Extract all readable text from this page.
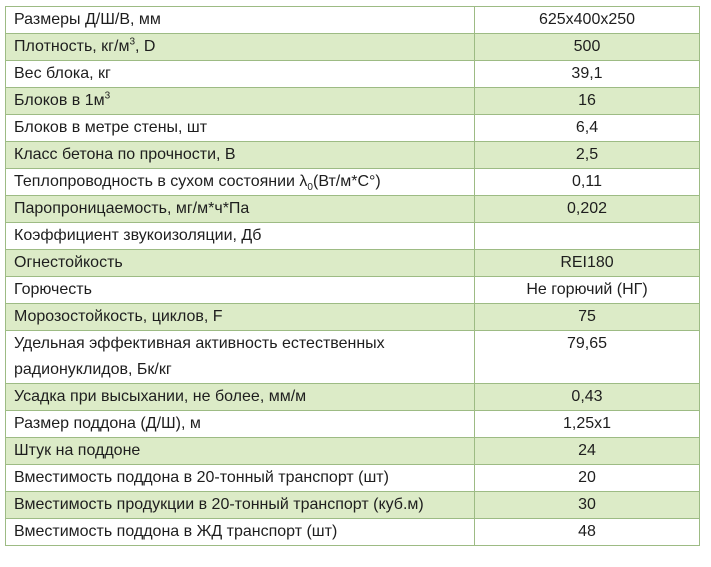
Размеры Д/Ш/В, мм	625x400x250
Плотность, $кг/м^3$, D	500
Вес блока, кг	39,1
Блоков в $1м^3$	16
Блоков в метре стены, шт	6,4
Класс бетона по прочности, В	2,5
Теплопроводность в сухом состоянии $\lambda_0(Вт/м*С^\circ)$	0,11
Паропроницаемость, мг/м*ч*Па	0,202
Коэффициент звукоизоляции, Дб	
Огнестойкость	REI180
Горючесть	Не горючий (НГ)
Морозостойкость, циклов, F	75
Удельная эффективная активность естественных радионуклидов, Бк/кг	79,65
Усадка при высыхании, не более, мм/м	0,43
Размер поддона (Д/Ш), м	1,25x1
Штук на поддоне	24
Вместимость поддона в 20-тонный транспорт (шт)	20
Вместимость продукции в 20-тонный транспорт (куб.м)	30
Вместимость поддона в ЖД транспорт (шт)	48
